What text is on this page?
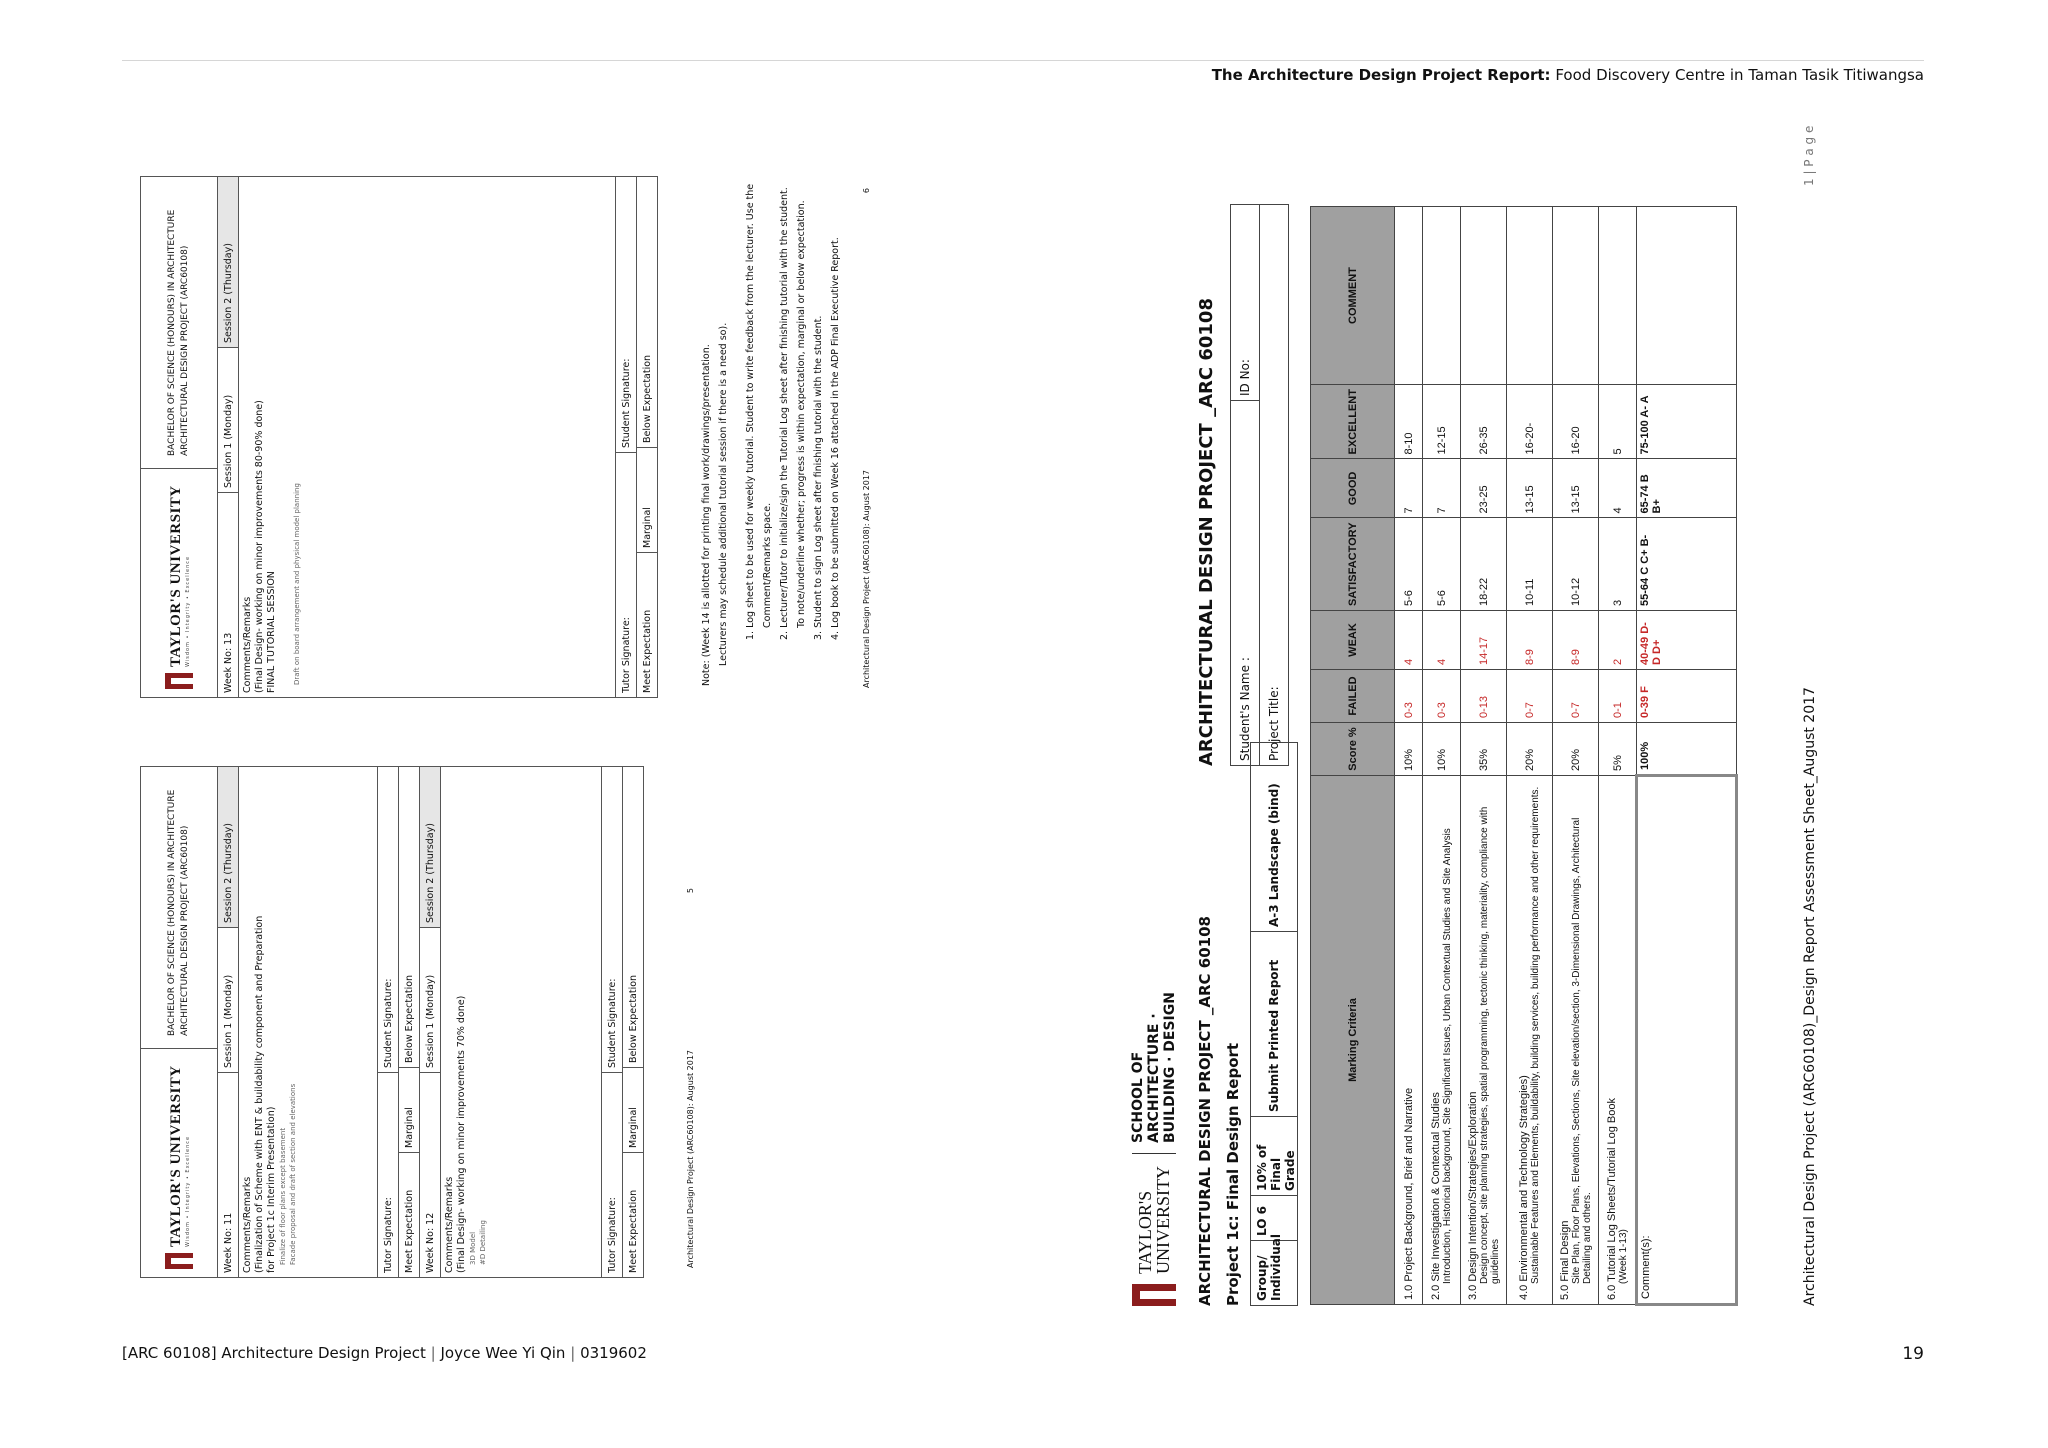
The Architecture Design Project Report: Food Discovery Centre in Taman Tasik Titiwangsa
TAYLOR'S UNIVERSITY Wisdom • Integrity • Excellence
BACHELOR OF SCIENCE (HONOURS) IN ARCHITECTURE ARCHITECTURAL DESIGN PROJECT (ARC60108)
Week No: 11
Session 1 (Monday)
Session 2 (Thursday)
Comments/Remarks (Finalization of Scheme with ENT & buildability component and Preparation for Project 1c Interim Presentation) Finalize of floor plans except basement Facade proposal and draft of section and elevations	Tutor Signature:
Student Signature:
Meet Expectation
Marginal
Below Expectation
Week No: 12
Session 1 (Monday)
Session 2 (Thursday)
Comments/Remarks (Final Design- working on minor improvements 70% done) 3D Model #D Detailing	Tutor Signature:
Student Signature:
Meet Expectation
Marginal
Below Expectation
Architectural Design Project (ARC60108): August 2017
5
TAYLOR'S UNIVERSITY Wisdom • Integrity • Excellence
BACHELOR OF SCIENCE (HONOURS) IN ARCHITECTURE ARCHITECTURAL DESIGN PROJECT (ARC60108)
Week No: 13
Session 1 (Monday)
Session 2 (Thursday)
Comments/Remarks (Final Design- working on minor improvements 80-90% done) FINAL TUTORIAL SESSION Draft on board arrangement and physical model planning	Tutor Signature:
Student Signature:
Meet Expectation
Marginal
Below Expectation	Note: (Week 14 is allotted for printing final work/drawings/presentation. Lecturers may schedule additional tutorial session if there is a need so).	1. Log sheet to be used for weekly tutorial. Student to write feedback from the lecturer. Use the Comment/Remarks space. 2. Lecturer/Tutor to initialize/sign the Tutorial Log sheet after finishing tutorial with the student. To note/underline whether; progress is within expectation, marginal or below expectation. 3. Student to sign Log sheet after finishing tutorial with the student. 4. Log book to be submitted on Week 16 attached in the ADP Final Executive Report.	Architectural Design Project (ARC60108): August 2017
6
TAYLOR'S UNIVERSITY
SCHOOL OF ARCHITECTURE · BUILDING · DESIGN ARCHITECTURAL DESIGN PROJECT _ARC 60108
ARCHITECTURAL DESIGN PROJECT _ARC 60108
Project 1c: Final Design Report	Group/ Individual
LO 6
10% of Final Grade
Submit Printed Report
A-3 Landscape (bind)
Student's Name :
ID No:
Project Title:
Marking Criteria	Score %	FAILED	WEAK	SATISFACTORY	GOOD	EXCELLENT	COMMENT
1.0 Project Background, Brief and Narrative	10%	0-3	4	5-6	7	8-10	

2.0 Site Investigation & Contextual Studies Introduction, Historical background, Site Significant Issues, Urban Contextual Studies and Site Analysis	10%	0-3	4	5-6	7	12-15	

3.0 Design Intention/Strategies/Exploration Design concept, site planning strategies, spatial programming, tectonic thinking, materiality, compliance with guidelines	35%	0-13	14-17	18-22	23-25	26-35	

4.0 Environmental and Technology Strategies) Sustainable Features and Elements, buildability, building services, building performance and other requirements.	20%	0-7	8-9	10-11	13-15	16-20-	

5.0 Final Design Site Plan, Floor Plans, Elevations, Sections, Site elevation/section, 3-Dimensional Drawings, Architectural Detailing and others.	20%	0-7	8-9	10-12	13-15	16-20	

6.0 Tutorial Log Sheets/Tutorial Log Book (Week 1-13)	5%	0-1	2	3	4	5	
Comment(s):	100%	0-39 F	40-49 D- D D+	55-64 C C+ B-	65-74 B B+	75-100 A- A	
Architectural Design Project (ARC60108)_Design Report Assessment Sheet_August 2017
1 | P a g e
[ARC 60108] Architecture Design Project | Joyce Wee Yi Qin | 0319602	19
